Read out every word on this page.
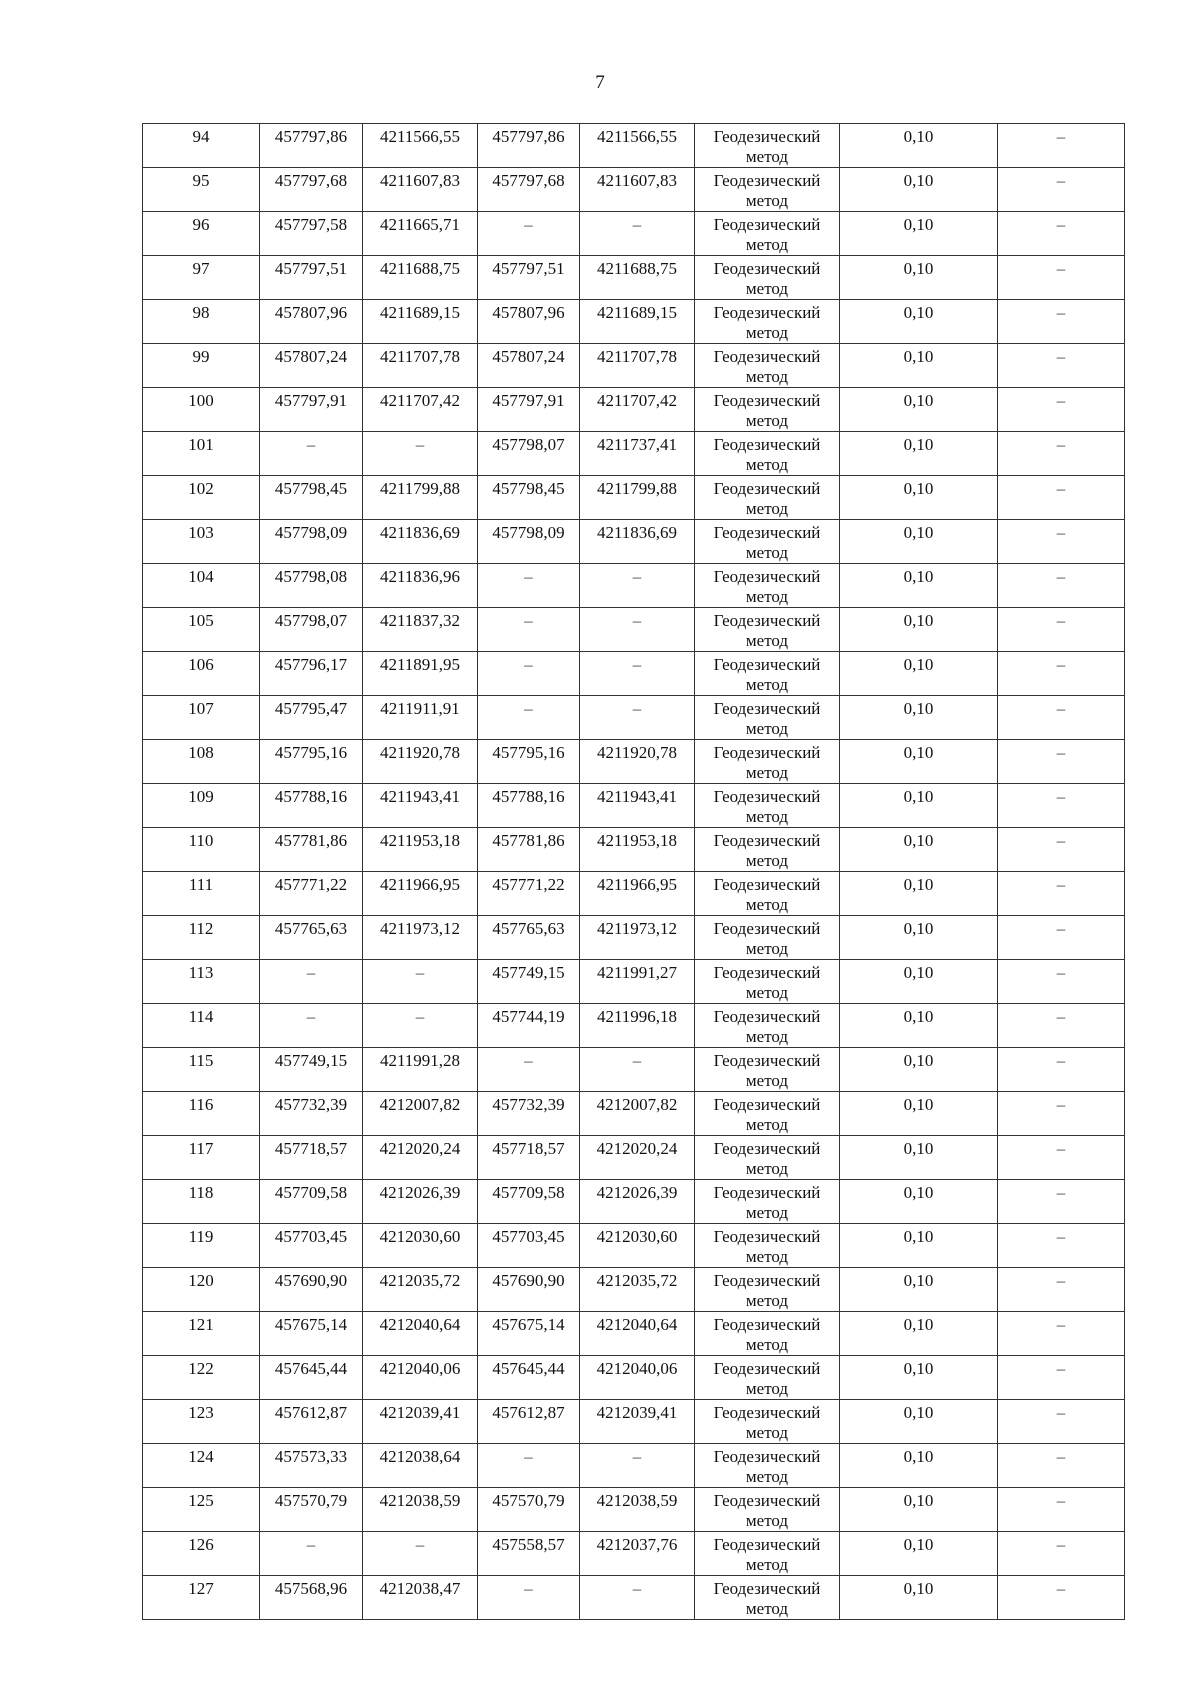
7
94	457797,86	4211566,55	457797,86	4211566,55	Геодезический метод	0,10	–

95	457797,68	4211607,83	457797,68	4211607,83	Геодезический метод	0,10	–

96	457797,58	4211665,71	–	–	Геодезический метод	0,10	–

97	457797,51	4211688,75	457797,51	4211688,75	Геодезический метод	0,10	–

98	457807,96	4211689,15	457807,96	4211689,15	Геодезический метод	0,10	–

99	457807,24	4211707,78	457807,24	4211707,78	Геодезический метод	0,10	–

100	457797,91	4211707,42	457797,91	4211707,42	Геодезический метод	0,10	–

101	–	–	457798,07	4211737,41	Геодезический метод	0,10	–

102	457798,45	4211799,88	457798,45	4211799,88	Геодезический метод	0,10	–

103	457798,09	4211836,69	457798,09	4211836,69	Геодезический метод	0,10	–

104	457798,08	4211836,96	–	–	Геодезический метод	0,10	–

105	457798,07	4211837,32	–	–	Геодезический метод	0,10	–

106	457796,17	4211891,95	–	–	Геодезический метод	0,10	–

107	457795,47	4211911,91	–	–	Геодезический метод	0,10	–

108	457795,16	4211920,78	457795,16	4211920,78	Геодезический метод	0,10	–

109	457788,16	4211943,41	457788,16	4211943,41	Геодезический метод	0,10	–

110	457781,86	4211953,18	457781,86	4211953,18	Геодезический метод	0,10	–

111	457771,22	4211966,95	457771,22	4211966,95	Геодезический метод	0,10	–

112	457765,63	4211973,12	457765,63	4211973,12	Геодезический метод	0,10	–

113	–	–	457749,15	4211991,27	Геодезический метод	0,10	–

114	–	–	457744,19	4211996,18	Геодезический метод	0,10	–

115	457749,15	4211991,28	–	–	Геодезический метод	0,10	–

116	457732,39	4212007,82	457732,39	4212007,82	Геодезический метод	0,10	–

117	457718,57	4212020,24	457718,57	4212020,24	Геодезический метод	0,10	–

118	457709,58	4212026,39	457709,58	4212026,39	Геодезический метод	0,10	–

119	457703,45	4212030,60	457703,45	4212030,60	Геодезический метод	0,10	–

120	457690,90	4212035,72	457690,90	4212035,72	Геодезический метод	0,10	–

121	457675,14	4212040,64	457675,14	4212040,64	Геодезический метод	0,10	–

122	457645,44	4212040,06	457645,44	4212040,06	Геодезический метод	0,10	–

123	457612,87	4212039,41	457612,87	4212039,41	Геодезический метод	0,10	–

124	457573,33	4212038,64	–	–	Геодезический метод	0,10	–

125	457570,79	4212038,59	457570,79	4212038,59	Геодезический метод	0,10	–

126	–	–	457558,57	4212037,76	Геодезический метод	0,10	–

127	457568,96	4212038,47	–	–	Геодезический метод	0,10	–
